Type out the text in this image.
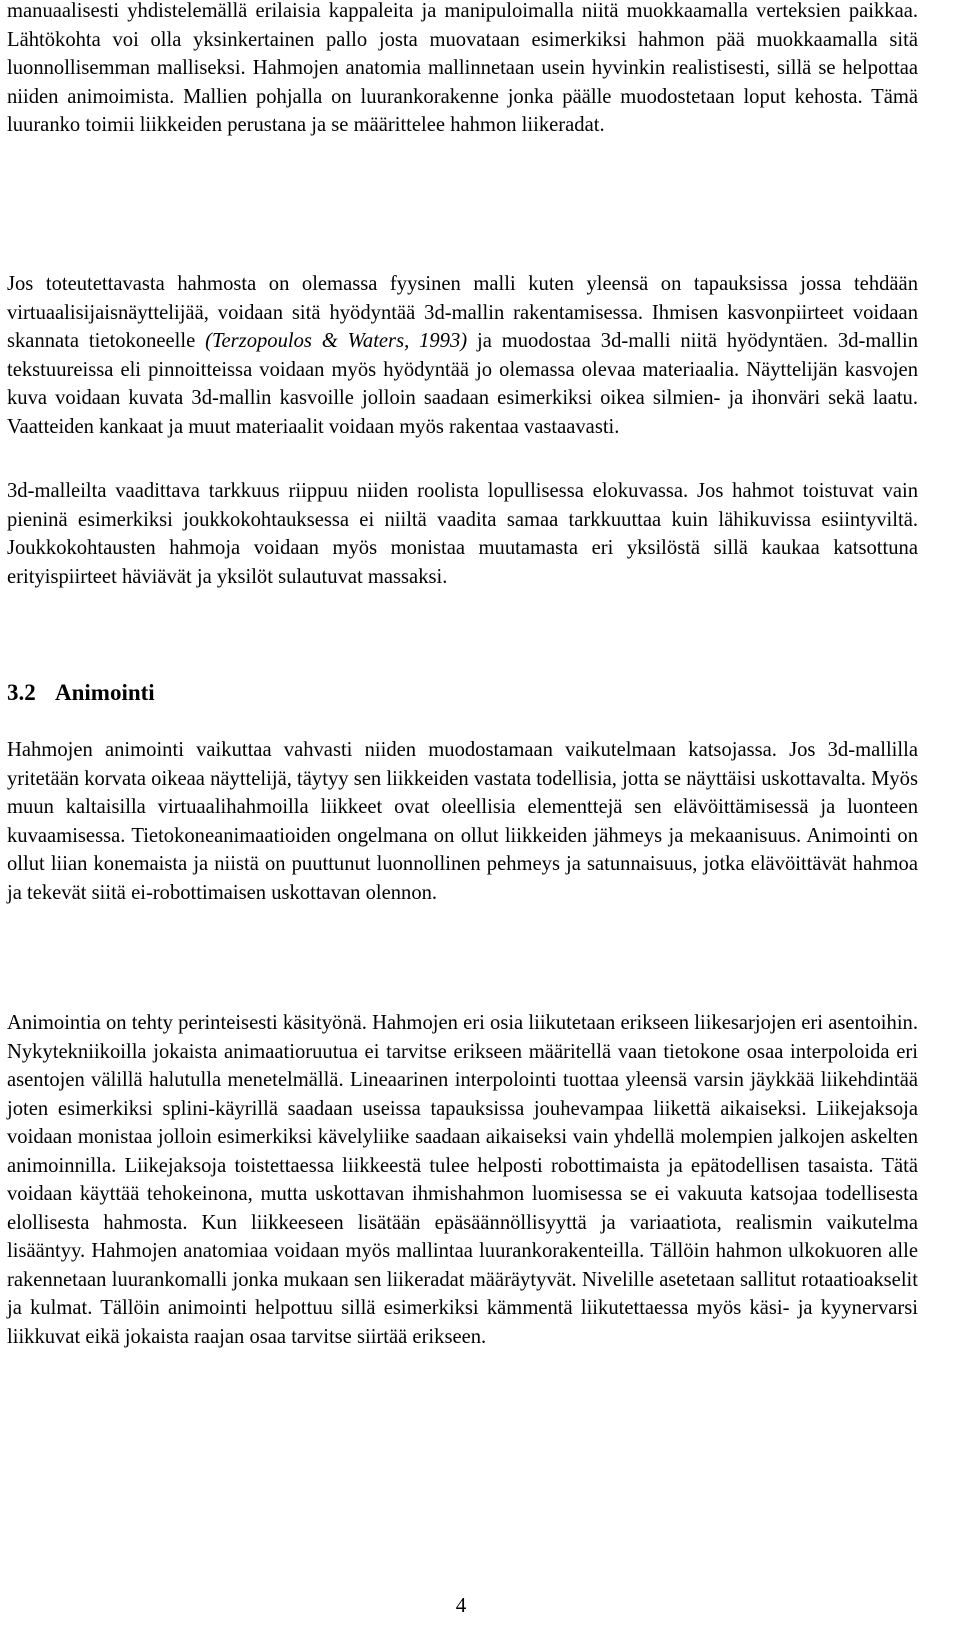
manuaalisesti yhdistelemällä erilaisia kappaleita ja manipuloimalla niitä muokkaamalla verteksien paikkaa. Lähtökohta voi olla yksinkertainen pallo josta muovataan esimerkiksi hahmon pää muokkaamalla sitä luonnollisemman malliseksi. Hahmojen anatomia mallinnetaan usein hyvinkin realistisesti, sillä se helpottaa niiden animoimista. Mallien pohjalla on luurankorakenne jonka päälle muodostetaan loput kehosta. Tämä luuranko toimii liikkeiden perustana ja se määrittelee hahmon liikeradat.

Jos toteutettavasta hahmosta on olemassa fyysinen malli kuten yleensä on tapauksissa jossa tehdään virtuaalisijaisnäyttelijää, voidaan sitä hyödyntää 3d-mallin rakentamisessa. Ihmisen kasvonpiirteet voidaan skannata tietokoneelle (Terzopoulos & Waters, 1993) ja muodostaa 3d-malli niitä hyödyntäen. 3d-mallin tekstuureissa eli pinnoitteissa voidaan myös hyödyntää jo olemassa olevaa materiaalia. Näyttelijän kasvojen kuva voidaan kuvata 3d-mallin kasvoille jolloin saadaan esimerkiksi oikea silmien- ja ihonväri sekä laatu. Vaatteiden kankaat ja muut materiaalit voidaan myös rakentaa vastaavasti.

3d-malleilta vaadittava tarkkuus riippuu niiden roolista lopullisessa elokuvassa. Jos hahmot toistuvat vain pieninä esimerkiksi joukkokohtauksessa ei niiltä vaadita samaa tarkkuuttaa kuin lähikuvissa esiintyviltä. Joukkokohtausten hahmoja voidaan myös monistaa muutamasta eri yksilöstä sillä kaukaa katsottuna erityispiirteet häviävät ja yksilöt sulautuvat massaksi.

3.2 Animointi

Hahmojen animointi vaikuttaa vahvasti niiden muodostamaan vaikutelmaan katsojassa. Jos 3d-mallilla yritetään korvata oikeaa näyttelijä, täytyy sen liikkeiden vastata todellisia, jotta se näyttäisi uskottavalta. Myös muun kaltaisilla virtuaalihahmoilla liikkeet ovat oleellisia elementtejä sen elävöittämisessä ja luonteen kuvaamisessa. Tietokoneanimaatioiden ongelmana on ollut liikkeiden jähmeys ja mekaanisuus. Animointi on ollut liian konemaista ja niistä on puuttunut luonnollinen pehmeys ja satunnaisuus, jotka elävöittävät hahmoa ja tekevät siitä ei-robottimaisen uskottavan olennon.

Animointia on tehty perinteisesti käsityönä. Hahmojen eri osia liikutetaan erikseen liikesarjojen eri asentoihin. Nykytekniikoilla jokaista animaatioruutua ei tarvitse erikseen määritellä vaan tietokone osaa interpoloida eri asentojen välillä halutulla menetelmällä. Lineaarinen interpolointi tuottaa yleensä varsin jäykkää liikehdintää joten esimerkiksi splini-käyrillä saadaan useissa tapauksissa jouhevampaa liikettä aikaiseksi. Liikejaksoja voidaan monistaa jolloin esimerkiksi kävelyliike saadaan aikaiseksi vain yhdellä molempien jalkojen askelten animoinnilla. Liikejaksoja toistettaessa liikkeestä tulee helposti robottimaista ja epätodellisen tasaista. Tätä voidaan käyttää tehokeinona, mutta uskottavan ihmishahmon luomisessa se ei vakuuta katsojaa todellisesta elollisesta hahmosta. Kun liikkeeseen lisätään epäsäännöllisyyttä ja variaatiota, realismin vaikutelma lisääntyy. Hahmojen anatomiaa voidaan myös mallintaa luurankorakenteilla. Tällöin hahmon ulkokuoren alle rakennetaan luurankomalli jonka mukaan sen liikeradat määräytyvät. Nivelille asetetaan sallitut rotaatioakselit ja kulmat. Tällöin animointi helpottuu sillä esimerkiksi kämmentä liikutettaessa myös käsi- ja kyynervarsi liikkuvat eikä jokaista raajan osaa tarvitse siirtää erikseen.

4
